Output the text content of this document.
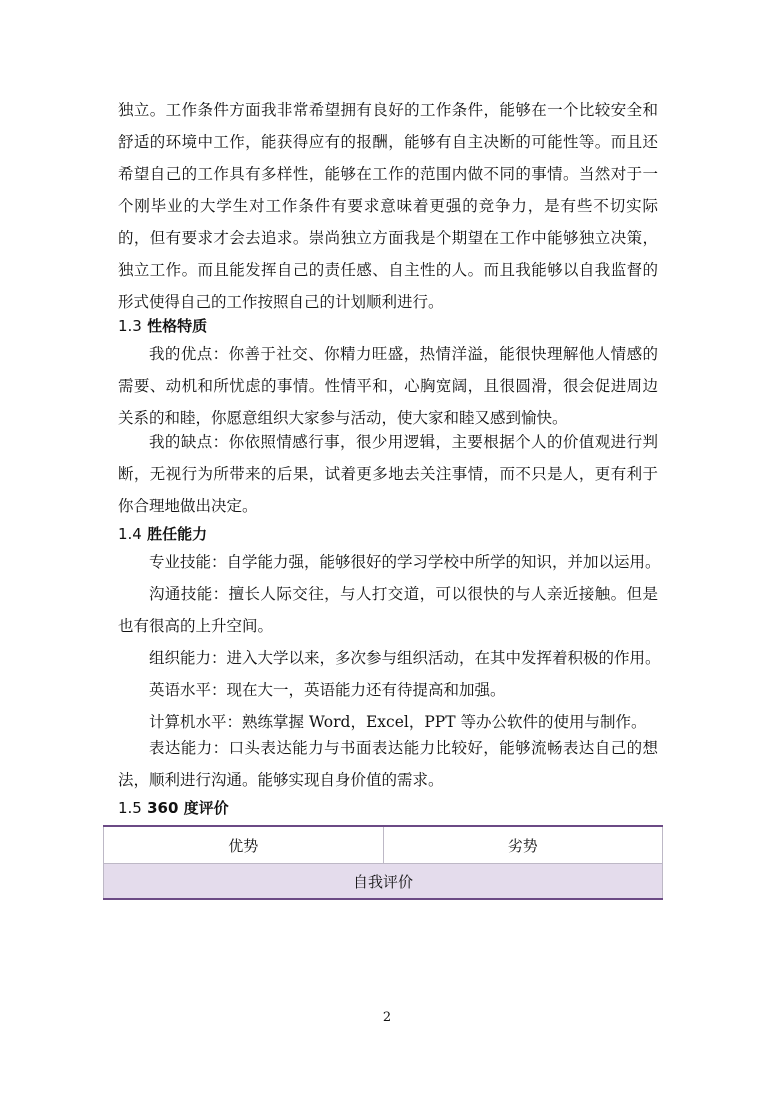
独立。工作条件方面我非常希望拥有良好的工作条件，能够在一个比较安全和舒适的环境中工作，能获得应有的报酬，能够有自主决断的可能性等。而且还希望自己的工作具有多样性，能够在工作的范围内做不同的事情。当然对于一个刚毕业的大学生对工作条件有要求意味着更强的竞争力，是有些不切实际的，但有要求才会去追求。崇尚独立方面我是个期望在工作中能够独立决策，独立工作。而且能发挥自己的责任感、自主性的人。而且我能够以自我监督的形式使得自己的工作按照自己的计划顺利进行。

1.3 性格特质

我的优点：你善于社交、你精力旺盛，热情洋溢，能很快理解他人情感的需要、动机和所忧虑的事情。性情平和，心胸宽阔，且很圆滑，很会促进周边关系的和睦，你愿意组织大家参与活动，使大家和睦又感到愉快。

我的缺点：你依照情感行事，很少用逻辑，主要根据个人的价值观进行判断，无视行为所带来的后果，试着更多地去关注事情，而不只是人，更有利于你合理地做出决定。

1.4 胜任能力
专业技能：自学能力强，能够很好的学习学校中所学的知识，并加以运用。

沟通技能：擅长人际交往，与人打交道，可以很快的与人亲近接触。但是也有很高的上升空间。

组织能力：进入大学以来，多次参与组织活动，在其中发挥着积极的作用。
英语水平：现在大一，英语能力还有待提高和加强。
计算机水平：熟练掌握 Word，Excel，PPT 等办公软件的使用与制作。

表达能力：口头表达能力与书面表达能力比较好，能够流畅表达自己的想法，顺利进行沟通。能够实现自身价值的需求。

1.5 360 度评价
优势	劣势
自我评价
2
